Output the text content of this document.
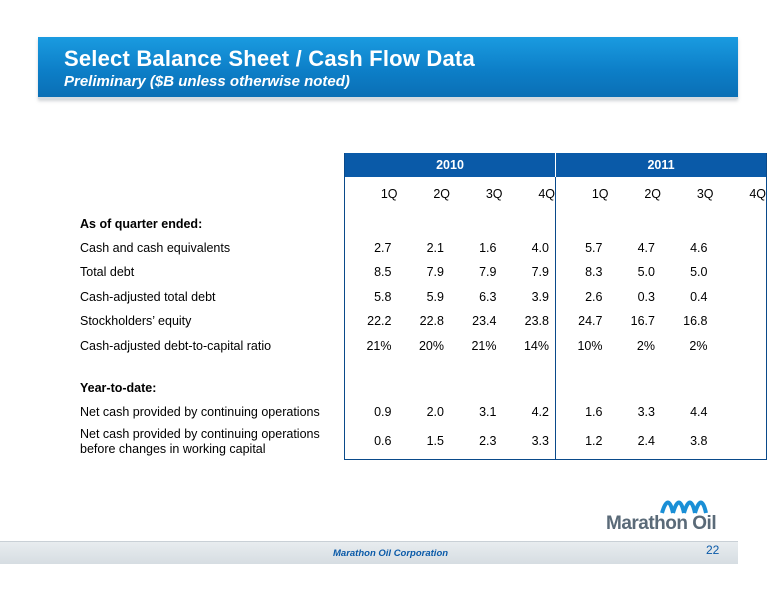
Select Balance Sheet / Cash Flow Data
Preliminary ($B unless otherwise noted)
	2010				2011			
	1Q	2Q	3Q	4Q	1Q	2Q	3Q	4Q
As of quarter ended:								
Cash and cash equivalents	2.7	2.1	1.6	4.0	5.7	4.7	4.6	
Total debt	8.5	7.9	7.9	7.9	8.3	5.0	5.0	
Cash-adjusted total debt	5.8	5.9	6.3	3.9	2.6	0.3	0.4	
Stockholders’ equity	22.2	22.8	23.4	23.8	24.7	16.7	16.8	
Cash-adjusted debt-to-capital ratio	21%	20%	21%	14%	10%	2%	2%	

Year-to-date:								
Net cash provided by continuing operations	0.9	2.0	3.1	4.2	1.6	3.3	4.4	

Net cash provided by continuing operations
before changes in working capital	0.6	1.5	2.3	3.3	1.2	2.4	3.8	
Marathon Oil
Marathon Oil Corporation	22
